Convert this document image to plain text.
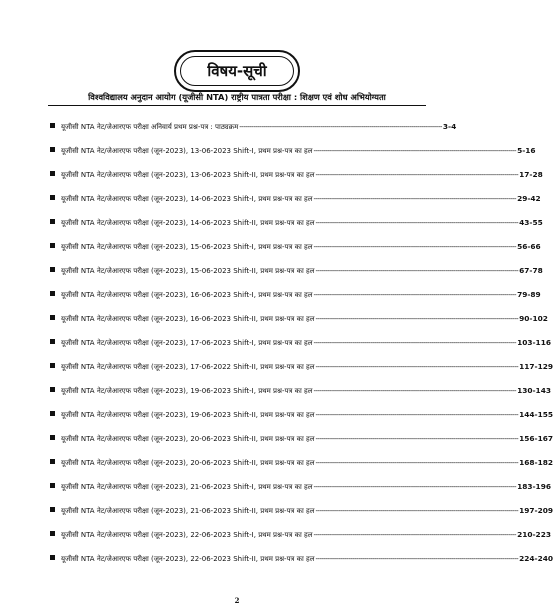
विषय-सूची
विश्वविद्यालय अनुदान आयोग (यूजीसी NTA) राष्ट्रीय पात्रता परीक्षा : शिक्षण एवं शोध अभियोग्यता
यूजीसी NTA नेट/जेआरएफ परीक्षा अनिवार्य प्रथम प्रश्न-पत्र : पाठ्यक्रम ---------------------------------------------------------------------------------------------------- 3-4
यूजीसी NTA नेट/जेआरएफ परीक्षा (जून-2023), 13-06-2023 Shift-I, प्रथम प्रश्न-पत्र का हल ---------------------------------------------------------------------------------------------------- 5-16
यूजीसी NTA नेट/जेआरएफ परीक्षा (जून-2023), 13-06-2023 Shift-II, प्रथम प्रश्न-पत्र का हल ---------------------------------------------------------------------------------------------------- 17-28
यूजीसी NTA नेट/जेआरएफ परीक्षा (जून-2023), 14-06-2023 Shift-I, प्रथम प्रश्न-पत्र का हल ---------------------------------------------------------------------------------------------------- 29-42
यूजीसी NTA नेट/जेआरएफ परीक्षा (जून-2023), 14-06-2023 Shift-II, प्रथम प्रश्न-पत्र का हल ---------------------------------------------------------------------------------------------------- 43-55
यूजीसी NTA नेट/जेआरएफ परीक्षा (जून-2023), 15-06-2023 Shift-I, प्रथम प्रश्न-पत्र का हल ---------------------------------------------------------------------------------------------------- 56-66
यूजीसी NTA नेट/जेआरएफ परीक्षा (जून-2023), 15-06-2023 Shift-II, प्रथम प्रश्न-पत्र का हल ---------------------------------------------------------------------------------------------------- 67-78
यूजीसी NTA नेट/जेआरएफ परीक्षा (जून-2023), 16-06-2023 Shift-I, प्रथम प्रश्न-पत्र का हल ---------------------------------------------------------------------------------------------------- 79-89
यूजीसी NTA नेट/जेआरएफ परीक्षा (जून-2023), 16-06-2023 Shift-II, प्रथम प्रश्न-पत्र का हल ---------------------------------------------------------------------------------------------------- 90-102
यूजीसी NTA नेट/जेआरएफ परीक्षा (जून-2023), 17-06-2023 Shift-I, प्रथम प्रश्न-पत्र का हल ---------------------------------------------------------------------------------------------------- 103-116
यूजीसी NTA नेट/जेआरएफ परीक्षा (जून-2023), 17-06-2022 Shift-II, प्रथम प्रश्न-पत्र का हल ---------------------------------------------------------------------------------------------------- 117-129
यूजीसी NTA नेट/जेआरएफ परीक्षा (जून-2023), 19-06-2023 Shift-I, प्रथम प्रश्न-पत्र का हल ---------------------------------------------------------------------------------------------------- 130-143
यूजीसी NTA नेट/जेआरएफ परीक्षा (जून-2023), 19-06-2023 Shift-II, प्रथम प्रश्न-पत्र का हल ---------------------------------------------------------------------------------------------------- 144-155
यूजीसी NTA नेट/जेआरएफ परीक्षा (जून-2023), 20-06-2023 Shift-II, प्रथम प्रश्न-पत्र का हल ---------------------------------------------------------------------------------------------------- 156-167
यूजीसी NTA नेट/जेआरएफ परीक्षा (जून-2023), 20-06-2023 Shift-II, प्रथम प्रश्न-पत्र का हल ---------------------------------------------------------------------------------------------------- 168-182
यूजीसी NTA नेट/जेआरएफ परीक्षा (जून-2023), 21-06-2023 Shift-I, प्रथम प्रश्न-पत्र का हल ---------------------------------------------------------------------------------------------------- 183-196
यूजीसी NTA नेट/जेआरएफ परीक्षा (जून-2023), 21-06-2023 Shift-II, प्रथम प्रश्न-पत्र का हल ---------------------------------------------------------------------------------------------------- 197-209
यूजीसी NTA नेट/जेआरएफ परीक्षा (जून-2023), 22-06-2023 Shift-I, प्रथम प्रश्न-पत्र का हल ---------------------------------------------------------------------------------------------------- 210-223
यूजीसी NTA नेट/जेआरएफ परीक्षा (जून-2023), 22-06-2023 Shift-II, प्रथम प्रश्न-पत्र का हल ---------------------------------------------------------------------------------------------------- 224-240
2
